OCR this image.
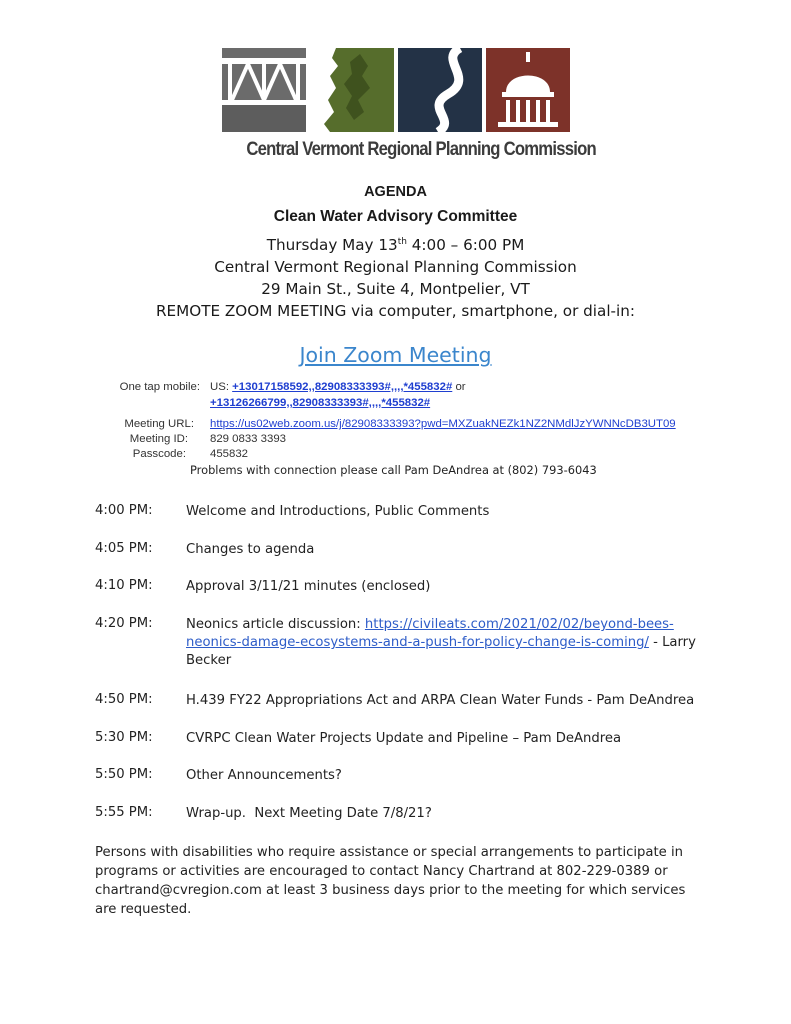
Central Vermont Regional Planning Commission
AGENDA
Clean Water Advisory Committee
Thursday May 13th 4:00 – 6:00 PM
Central Vermont Regional Planning Commission
29 Main St., Suite 4, Montpelier, VT
REMOTE ZOOM MEETING via computer, smartphone, or dial-in:
Join Zoom Meeting
One tap mobile: US: +13017158592,,82908333393#,,,,*455832# or
+13126266799,,82908333393#,,,,*455832#
Meeting URL: https://us02web.zoom.us/j/82908333393?pwd=MXZuakNEZk1NZ2NMdlJzYWNNcDB3UT09
Meeting ID: 829 0833 3393
Passcode: 455832
Problems with connection please call Pam DeAndrea at (802) 793-6043
4:00 PM:	Welcome and Introductions, Public Comments
4:05 PM:	Changes to agenda
4:10 PM:	Approval 3/11/21 minutes (enclosed)
4:20 PM:	Neonics article discussion: https://civileats.com/2021/02/02/beyond-bees-
neonics-damage-ecosystems-and-a-push-for-policy-change-is-coming/ - Larry Becker
4:50 PM:	H.439 FY22 Appropriations Act and ARPA Clean Water Funds - Pam DeAndrea
5:30 PM:	CVRPC Clean Water Projects Update and Pipeline – Pam DeAndrea
5:50 PM:	Other Announcements?
5:55 PM:	Wrap-up.  Next Meeting Date 7/8/21?
Persons with disabilities who require assistance or special arrangements to participate in programs or activities are encouraged to contact Nancy Chartrand at 802-229-0389 or chartrand@cvregion.com at least 3 business days prior to the meeting for which services are requested.
